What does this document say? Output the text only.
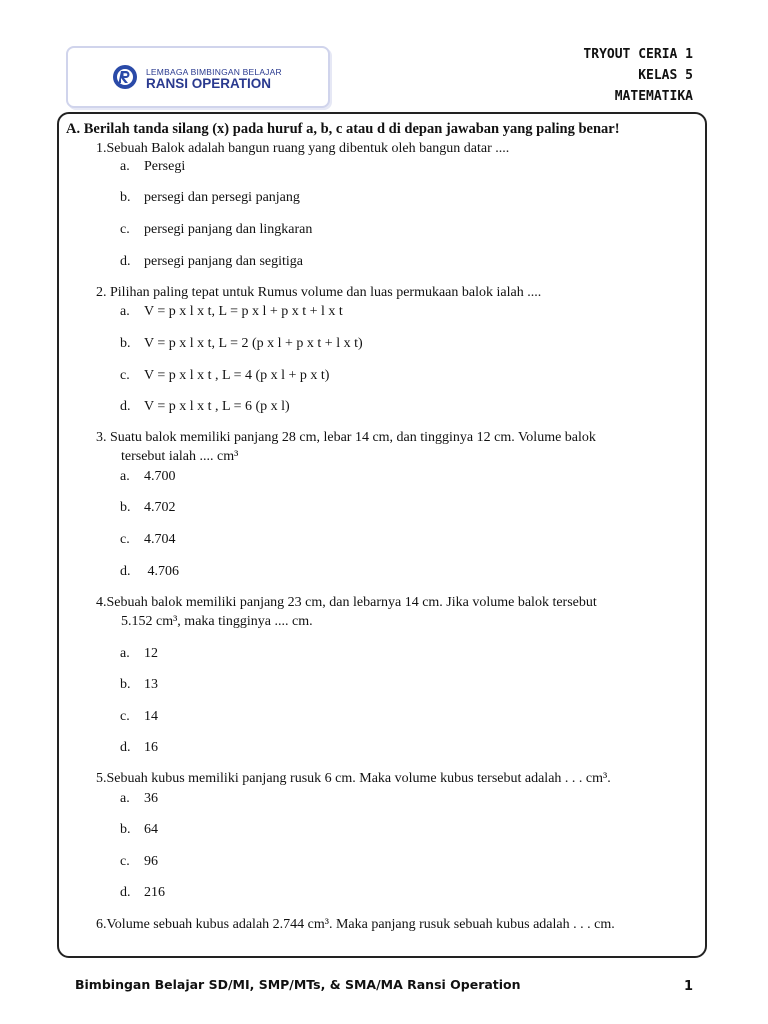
LEMBAGA BIMBINGAN BELAJAR
RANSI OPERATION
TRYOUT CERIA 1
KELAS 5
MATEMATIKA
A. Berilah tanda silang (x) pada huruf a, b, c atau d di depan jawaban yang paling benar!
1.Sebuah Balok adalah bangun ruang yang dibentuk oleh bangun datar ....
a. Persegi
b. persegi dan persegi panjang
c. persegi panjang dan lingkaran
d. persegi panjang dan segitiga
2. Pilihan paling tepat untuk Rumus volume dan luas permukaan balok ialah ....
a. V = p x l x t, L = p x l + p x t + l x t
b. V = p x l x t, L = 2 (p x l + p x t + l x t)
c. V = p x l x t , L = 4 (p x l + p x t)
d. V = p x l x t , L = 6 (p x l)
3. Suatu balok memiliki panjang 28 cm, lebar 14 cm, dan tingginya 12 cm. Volume balok
tersebut ialah .... cm³
a. 4.700
b. 4.702
c. 4.704
d. 4.706
4.Sebuah balok memiliki panjang 23 cm, dan lebarnya 14 cm. Jika volume balok tersebut
5.152 cm³, maka tingginya .... cm.
a. 12
b. 13
c. 14
d. 16
5.Sebuah kubus memiliki panjang rusuk 6 cm. Maka volume kubus tersebut adalah . . . cm³.
a. 36
b. 64
c. 96
d. 216
6.Volume sebuah kubus adalah 2.744 cm³. Maka panjang rusuk sebuah kubus adalah . . . cm.
Bimbingan Belajar SD/MI, SMP/MTs, & SMA/MA Ransi Operation	1
